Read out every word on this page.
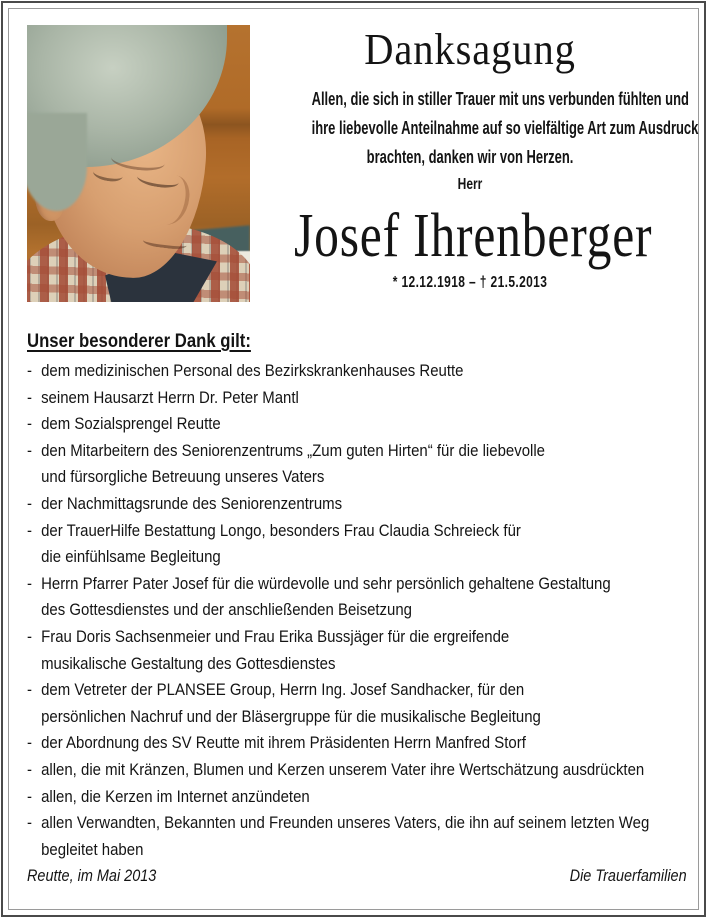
Danksagung
Allen, die sich in stiller Trauer mit uns verbunden fühlten und
ihre liebevolle Anteilnahme auf so vielfältige Art zum Ausdruck
brachten, danken wir von Herzen.
Herr
Josef Ihrenberger
* 12.12.1918 – † 21.5.2013
Unser besonderer Dank gilt:
- dem medizinischen Personal des Bezirkskrankenhauses Reutte
- seinem Hausarzt Herrn Dr. Peter Mantl
- dem Sozialsprengel Reutte
- den Mitarbeitern des Seniorenzentrums „Zum guten Hirten“ für die liebevolle
und fürsorgliche Betreuung unseres Vaters
- der Nachmittagsrunde des Seniorenzentrums
- der TrauerHilfe Bestattung Longo, besonders Frau Claudia Schreieck für
die einfühlsame Begleitung
- Herrn Pfarrer Pater Josef für die würdevolle und sehr persönlich gehaltene Gestaltung
des Gottesdienstes und der anschließenden Beisetzung
- Frau Doris Sachsenmeier und Frau Erika Bussjäger für die ergreifende
musikalische Gestaltung des Gottesdienstes
- dem Vetreter der PLANSEE Group, Herrn Ing. Josef Sandhacker, für den
persönlichen Nachruf und der Bläsergruppe für die musikalische Begleitung
- der Abordnung des SV Reutte mit ihrem Präsidenten Herrn Manfred Storf
- allen, die mit Kränzen, Blumen und Kerzen unserem Vater ihre Wertschätzung ausdrückten
- allen, die Kerzen im Internet anzündeten
- allen Verwandten, Bekannten und Freunden unseres Vaters, die ihn auf seinem letzten Weg
begleitet haben
Reutte, im Mai 2013	Die Trauerfamilien
